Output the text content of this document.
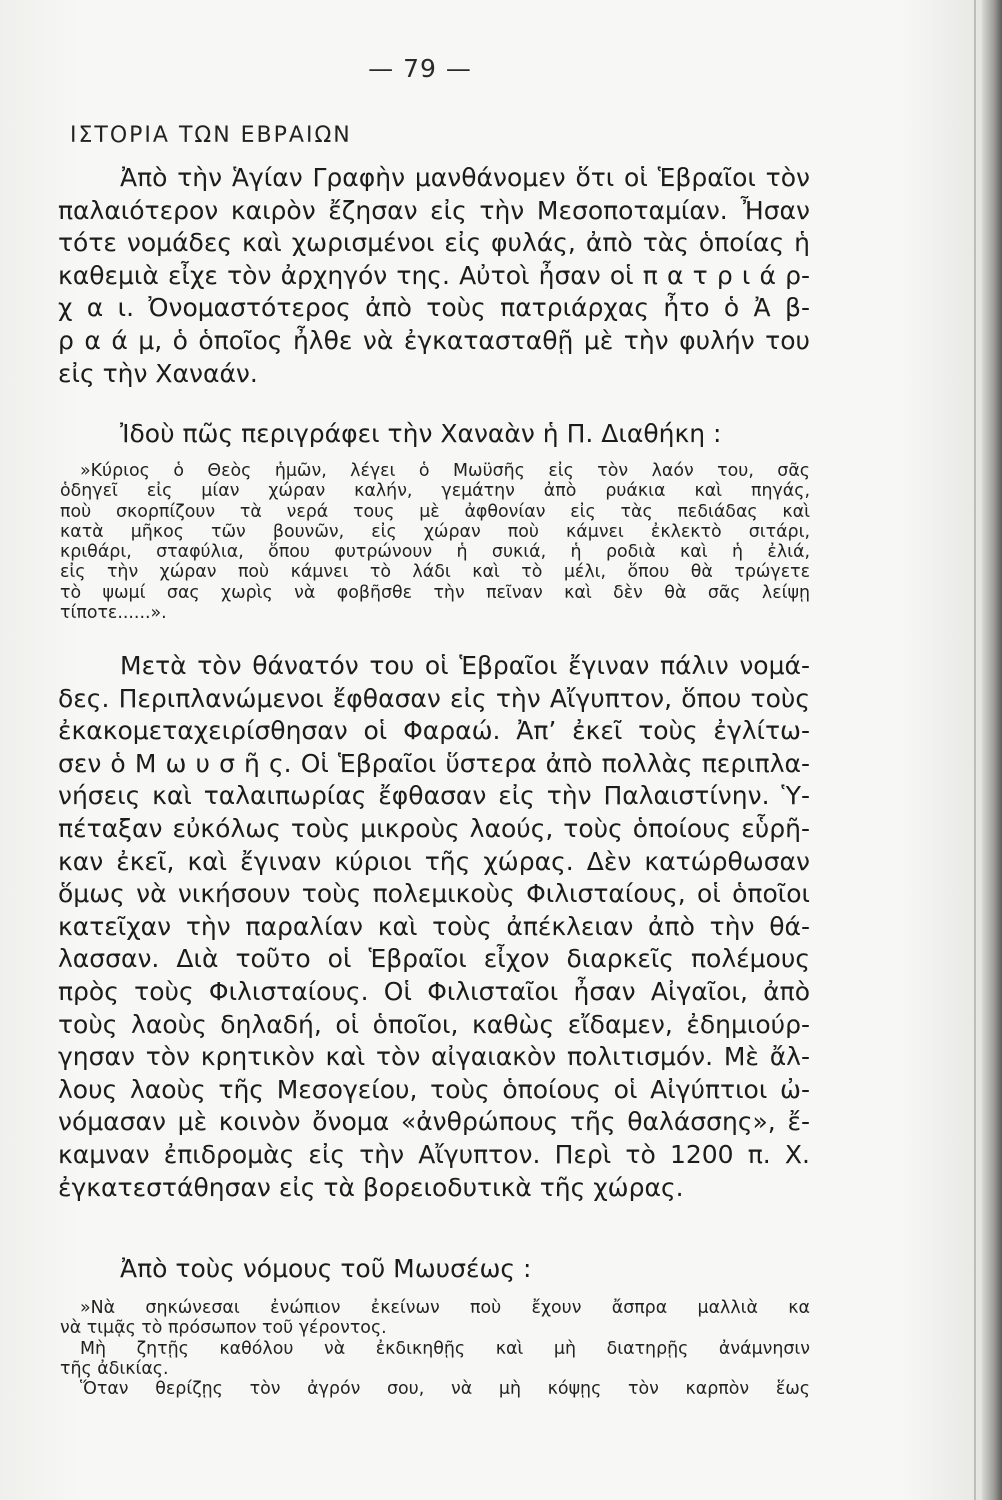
— 79 —
ΙΣΤΟΡΙΑ ΤΩΝ ΕΒΡΑΙΩΝ
Ἀπὸ τὴν Ἁγίαν Γραφὴν μανθάνομεν ὅτι οἱ Ἑβραῖοι τὸν
παλαιότερον καιρὸν ἔζησαν εἰς τὴν Μεσοποταμίαν. Ἦσαν
τότε νομάδες καὶ χωρισμένοι εἰς φυλάς, ἀπὸ τὰς ὁποίας ἡ
καθεμιὰ εἶχε τὸν ἀρχηγόν της. Αὐτοὶ ἦσαν οἱ π α τ ρ ι ά ρ-
χ α ι. Ὀνομαστότερος ἀπὸ τοὺς πατριάρχας ἦτο ὁ Ἀ β-
ρ α ά μ, ὁ ὁποῖος ἦλθε νὰ ἐγκατασταθῇ μὲ τὴν φυλήν του
εἰς τὴν Χαναάν.
Ἰδοὺ πῶς περιγράφει τὴν Χαναὰν ἡ Π. Διαθήκη :
»Κύριος ὁ Θεὸς ἡμῶν, λέγει ὁ Μωϋσῆς εἰς τὸν λαόν του, σᾶς
ὁδηγεῖ εἰς μίαν χώραν καλήν, γεμάτην ἀπὸ ρυάκια καὶ πηγάς,
ποὺ σκορπίζουν τὰ νερά τους μὲ ἀφθονίαν εἰς τὰς πεδιάδας καὶ
κατὰ μῆκος τῶν βουνῶν, εἰς χώραν ποὺ κάμνει ἐκλεκτὸ σιτάρι,
κριθάρι, σταφύλια, ὅπου φυτρώνουν ἡ συκιά, ἡ ροδιὰ καὶ ἡ ἐλιά,
εἰς τὴν χώραν ποὺ κάμνει τὸ λάδι καὶ τὸ μέλι, ὅπου θὰ τρώγετε
τὸ ψωμί σας χωρὶς νὰ φοβῆσθε τὴν πεῖναν καὶ δὲν θὰ σᾶς λείψῃ
τίποτε......».
Μετὰ τὸν θάνατόν του οἱ Ἑβραῖοι ἔγιναν πάλιν νομά-
δες. Περιπλανώμενοι ἔφθασαν εἰς τὴν Αἴγυπτον, ὅπου τοὺς
ἐκακομεταχειρίσθησαν οἱ Φαραώ. Ἀπ’ ἐκεῖ τοὺς ἐγλίτω-
σεν ὁ Μ ω υ σ ῆ ς. Οἱ Ἑβραῖοι ὕστερα ἀπὸ πολλὰς περιπλα-
νήσεις καὶ ταλαιπωρίας ἔφθασαν εἰς τὴν Παλαιστίνην. Ὑ-
πέταξαν εὐκόλως τοὺς μικροὺς λαούς, τοὺς ὁποίους εὗρῆ-
καν ἐκεῖ, καὶ ἔγιναν κύριοι τῆς χώρας. Δὲν κατώρθωσαν
ὅμως νὰ νικήσουν τοὺς πολεμικοὺς Φιλισταίους, οἱ ὁποῖοι
κατεῖχαν τὴν παραλίαν καὶ τοὺς ἀπέκλειαν ἀπὸ τὴν θά-
λασσαν. Διὰ τοῦτο οἱ Ἑβραῖοι εἶχον διαρκεῖς πολέμους
πρὸς τοὺς Φιλισταίους. Οἱ Φιλισταῖοι ἦσαν Αἰγαῖοι, ἀπὸ
τοὺς λαοὺς δηλαδή, οἱ ὁποῖοι, καθὼς εἴδαμεν, ἐδημιούρ-
γησαν τὸν κρητικὸν καὶ τὸν αἰγαιακὸν πολιτισμόν. Μὲ ἄλ-
λους λαοὺς τῆς Μεσογείου, τοὺς ὁποίους οἱ Αἰγύπτιοι ὠ-
νόμασαν μὲ κοινὸν ὄνομα «ἀνθρώπους τῆς θαλάσσης», ἔ-
καμναν ἐπιδρομὰς εἰς τὴν Αἴγυπτον. Περὶ τὸ 1200 π. Χ.
ἐγκατεστάθησαν εἰς τὰ βορειοδυτικὰ τῆς χώρας.
Ἀπὸ τοὺς νόμους τοῦ Μωυσέως :
»Νὰ σηκώνεσαι ἐνώπιον ἐκείνων ποὺ ἔχουν ἄσπρα μαλλιὰ κα
νὰ τιμᾷς τὸ πρόσωπον τοῦ γέροντος.
Μὴ ζητῇς καθόλου νὰ ἐκδικηθῇς καὶ μὴ διατηρῇς ἀνάμνησιν
τῆς ἀδικίας.
Ὅταν θερίζῃς τὸν ἀγρόν σου, νὰ μὴ κόψῃς τὸν καρπὸν ἕως
